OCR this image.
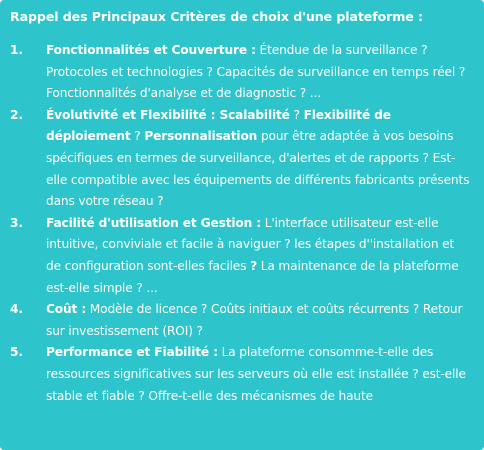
Rappel des Principaux Critères de choix d'une plateforme :
1.	Fonctionnalités et Couverture : Étendue de la surveillance ? Protocoles et technologies ? Capacités de surveillance en temps réel ? Fonctionnalités d'analyse et de diagnostic ? ...
2.	Évolutivité et Flexibilité : Scalabilité ? Flexibilité de déploiement ? Personnalisation pour être adaptée à vos besoins spécifiques en termes de surveillance, d'alertes et de rapports ? Est-elle compatible avec les équipements de différents fabricants présents dans votre réseau ?
3.	Facilité d'utilisation et Gestion : L'interface utilisateur est-elle intuitive, conviviale et facile à naviguer ? les étapes d''installation et de configuration sont-elles faciles ? La maintenance de la plateforme est-elle simple ? ...
4.	Coût : Modèle de licence ? Coûts initiaux et coûts récurrents ? Retour sur investissement (ROI) ?
5.	Performance et Fiabilité : La plateforme consomme-t-elle des ressources significatives sur les serveurs où elle est installée ? est-elle stable et fiable ? Offre-t-elle des mécanismes de haute
